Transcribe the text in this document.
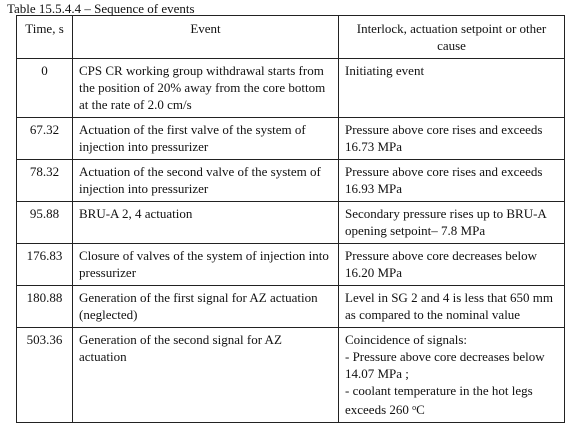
Table 15.5.4.4 – Sequence of events
Time, s	Event	Interlock, actuation setpoint or other cause
0	CPS CR working group withdrawal starts from the position of 20% away from the core bottom at the rate of 2.0 cm/s	Initiating event
67.32	Actuation of the first valve of the system of injection into pressurizer	Pressure above core rises and exceeds 16.73 MPa
78.32	Actuation of the second valve of the system of injection into pressurizer	Pressure above core rises and exceeds 16.93 MPa
95.88	BRU-A 2, 4 actuation	Secondary pressure rises up to BRU-A opening setpoint– 7.8 MPa
176.83	Closure of valves of the system of injection into pressurizer	Pressure above core decreases below 16.20 MPa
180.88	Generation of the first signal for AZ actuation (neglected)	Level in SG 2 and 4 is less that 650 mm as compared to the nominal value
503.36	Generation of the second signal for AZ actuation	Coincidence of signals:
- Pressure above core decreases below 14.07 MPa ;
- coolant temperature in the hot legs exceeds 260 $^o$C
